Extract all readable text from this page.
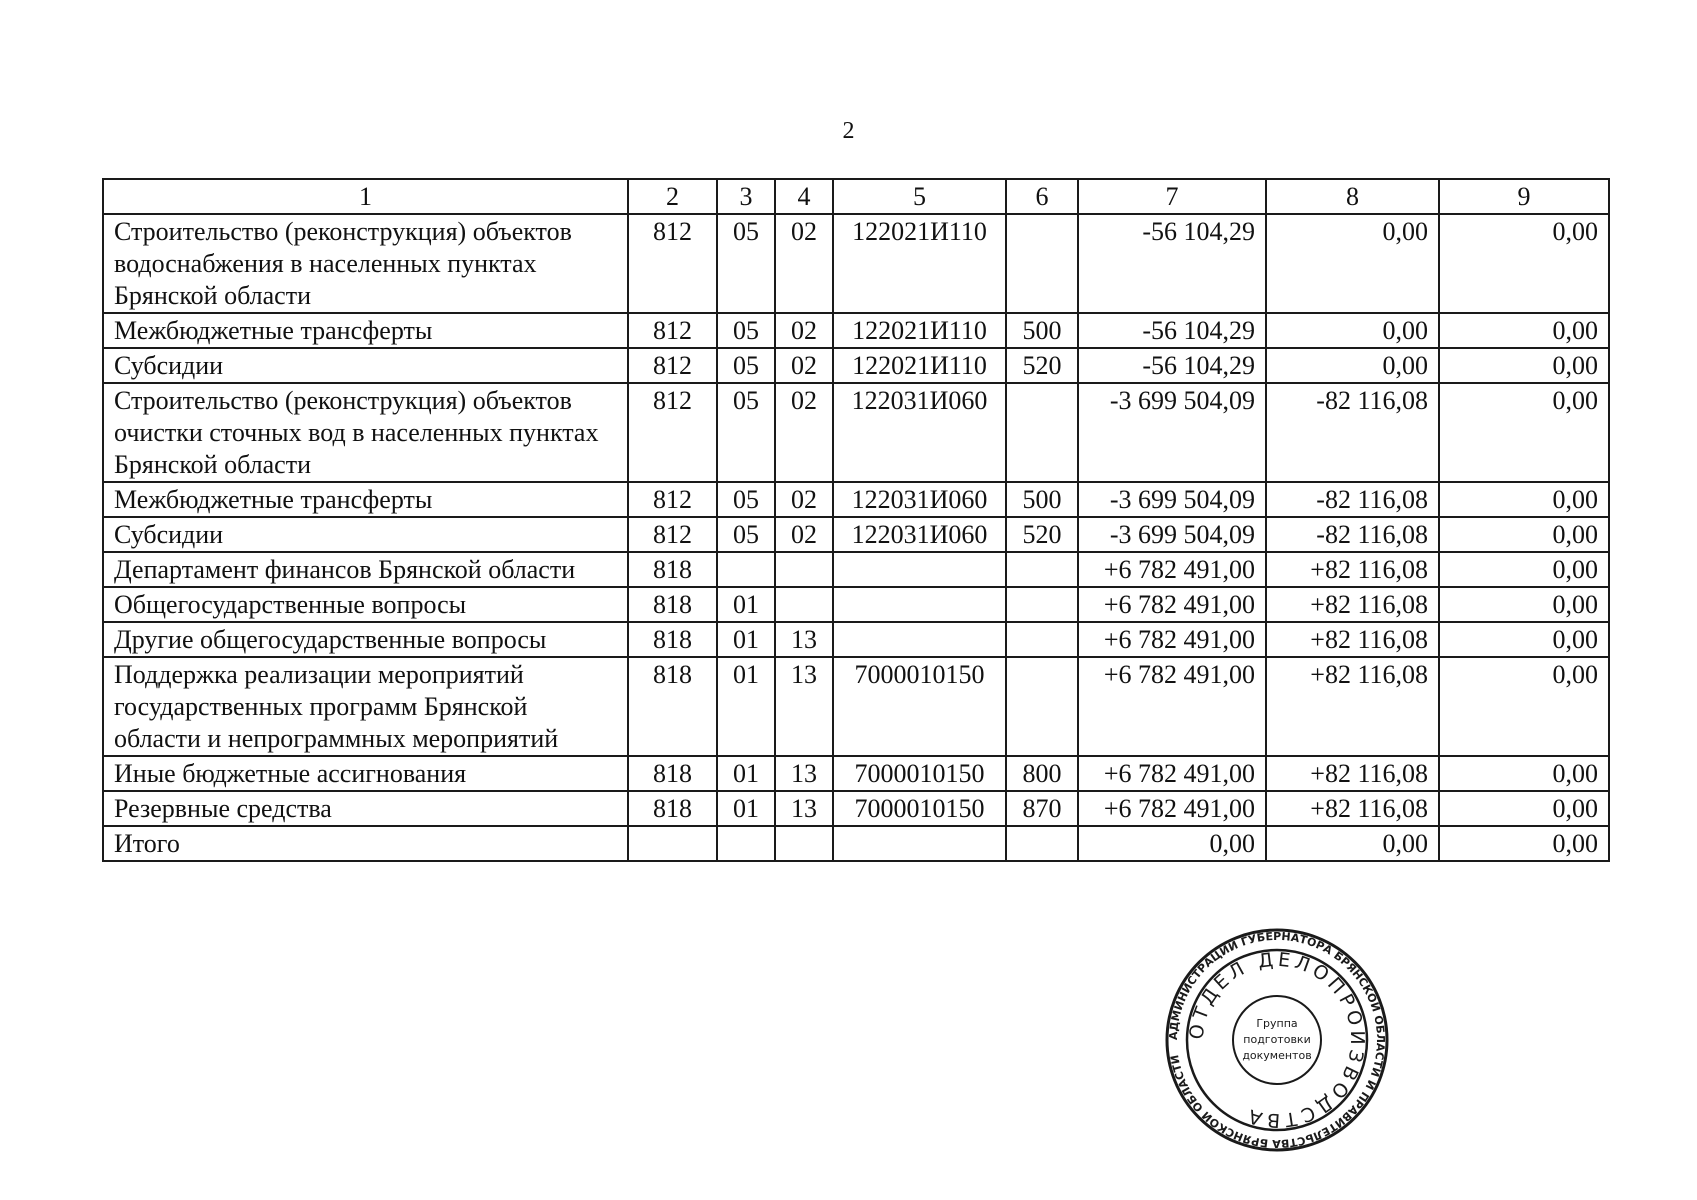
2
1	2	3	4	5	6	7	8	9
Строительство (реконструкция) объектов водоснабжения в населенных пунктах Брянской области	812	05	02	122021И110		-56 104,29	0,00	0,00
Межбюджетные трансферты	812	05	02	122021И110	500	-56 104,29	0,00	0,00
Субсидии	812	05	02	122021И110	520	-56 104,29	0,00	0,00
Строительство (реконструкция) объектов очистки сточных вод в населенных пунктах Брянской области	812	05	02	122031И060		-3 699 504,09	-82 116,08	0,00
Межбюджетные трансферты	812	05	02	122031И060	500	-3 699 504,09	-82 116,08	0,00
Субсидии	812	05	02	122031И060	520	-3 699 504,09	-82 116,08	0,00
Департамент финансов Брянской области	818					+6 782 491,00	+82 116,08	0,00
Общегосударственные вопросы	818	01				+6 782 491,00	+82 116,08	0,00
Другие общегосударственные вопросы	818	01	13			+6 782 491,00	+82 116,08	0,00
Поддержка реализации мероприятий государственных программ Брянской области и непрограммных мероприятий	818	01	13	7000010150		+6 782 491,00	+82 116,08	0,00
Иные бюджетные ассигнования	818	01	13	7000010150	800	+6 782 491,00	+82 116,08	0,00
Резервные средства	818	01	13	7000010150	870	+6 782 491,00	+82 116,08	0,00
Итого						0,00	0,00	0,00
АДМИНИСТРАЦИИ ГУБЕРНАТОРА БРЯНСКОЙ ОБЛАСТИ И ПРАВИТЕЛЬСТВА БРЯНСКОЙ ОБЛАСТИ
ОТДЕЛ ДЕЛОПРОИЗВОДСТВА
Группа
подготовки
документов
